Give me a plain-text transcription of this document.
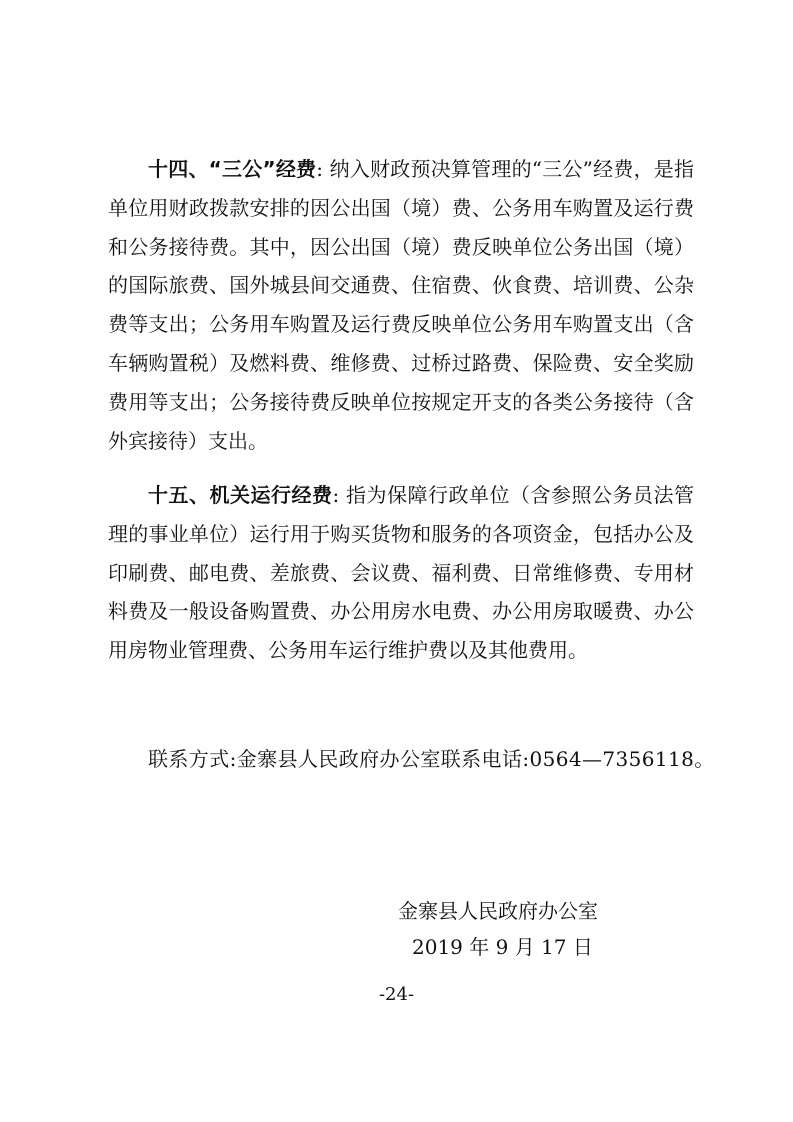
十四、“三公”经费: 纳入财政预决算管理的“三公”经费，是指单位用财政拨款安排的因公出国（境）费、公务用车购置及运行费和公务接待费。其中，因公出国（境）费反映单位公务出国（境）的国际旅费、国外城县间交通费、住宿费、伙食费、培训费、公杂费等支出；公务用车购置及运行费反映单位公务用车购置支出（含车辆购置税）及燃料费、维修费、过桥过路费、保险费、安全奖励费用等支出；公务接待费反映单位按规定开支的各类公务接待（含外宾接待）支出。

十五、机关运行经费: 指为保障行政单位（含参照公务员法管理的事业单位）运行用于购买货物和服务的各项资金，包括办公及印刷费、邮电费、差旅费、会议费、福利费、日常维修费、专用材料费及一般设备购置费、办公用房水电费、办公用房取暖费、办公用房物业管理费、公务用车运行维护费以及其他费用。

联系方式:金寨县人民政府办公室联系电话:0564—7356118。
金寨县人民政府办公室
2019 年 9 月 17 日
-24-
